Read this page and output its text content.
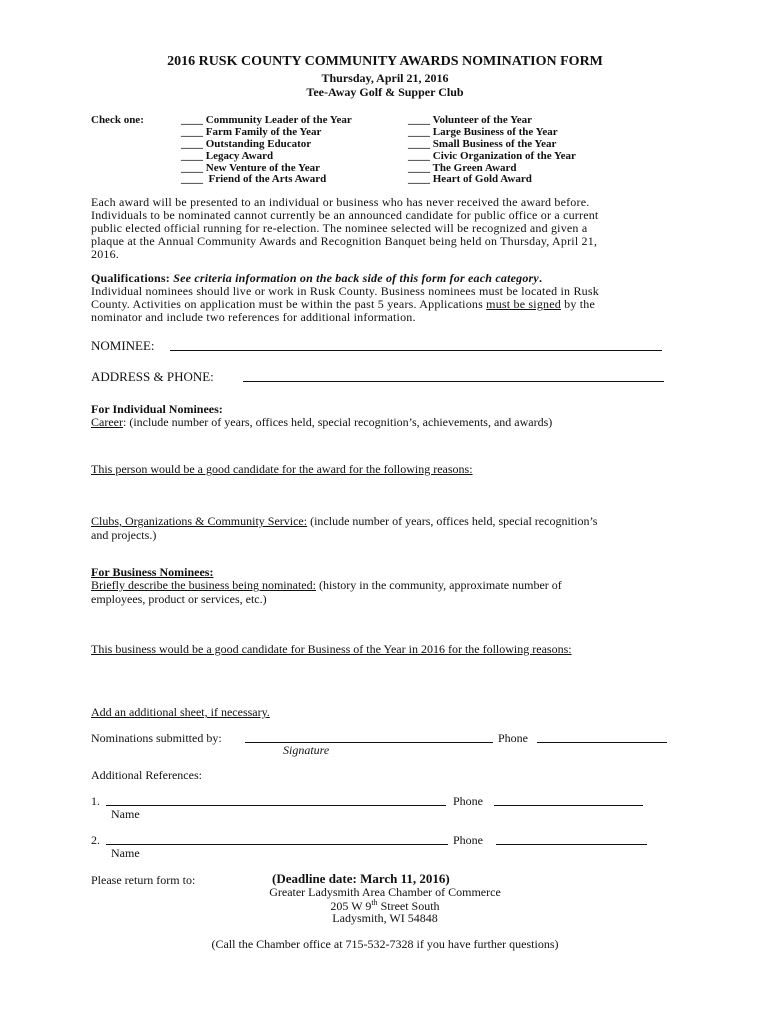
2016 RUSK COUNTY COMMUNITY AWARDS NOMINATION FORM
Thursday, April 21, 2016
Tee-Away Golf & Supper Club
Check one:	____ Community Leader of the Year
____ Farm Family of the Year
____ Outstanding Educator
____ Legacy Award
____ New Venture of the Year
____ Friend of the Arts Award
____ Volunteer of the Year
____ Large Business of the Year
____ Small Business of the Year
____ Civic Organization of the Year
____ The Green Award
____ Heart of Gold Award
Each award will be presented to an individual or business who has never received the award before.
Individuals to be nominated cannot currently be an announced candidate for public office or a current
public elected official running for re-election. The nominee selected will be recognized and given a
plaque at the Annual Community Awards and Recognition Banquet being held on Thursday, April 21,
2016.
Qualifications: See criteria information on the back side of this form for each category.
Individual nominees should live or work in Rusk County. Business nominees must be located in Rusk
County. Activities on application must be within the past 5 years. Applications must be signed by the
nominator and include two references for additional information.
NOMINEE:
ADDRESS & PHONE:
For Individual Nominees:
Career: (include number of years, offices held, special recognition’s, achievements, and awards)
This person would be a good candidate for the award for the following reasons:
Clubs, Organizations & Community Service: (include number of years, offices held, special recognition’s
and projects.)
For Business Nominees:
Briefly describe the business being nominated: (history in the community, approximate number of
employees, product or services, etc.)
This business would be a good candidate for Business of the Year in 2016 for the following reasons:
Add an additional sheet, if necessary.
Nominations submitted by:	Phone
Signature
Additional References:
1.	Phone
Name
2.	Phone
Name
Please return form to:	(Deadline date: March 11, 2016)
Greater Ladysmith Area Chamber of Commerce
205 W 9th Street South
Ladysmith, WI 54848
(Call the Chamber office at 715-532-7328 if you have further questions)
